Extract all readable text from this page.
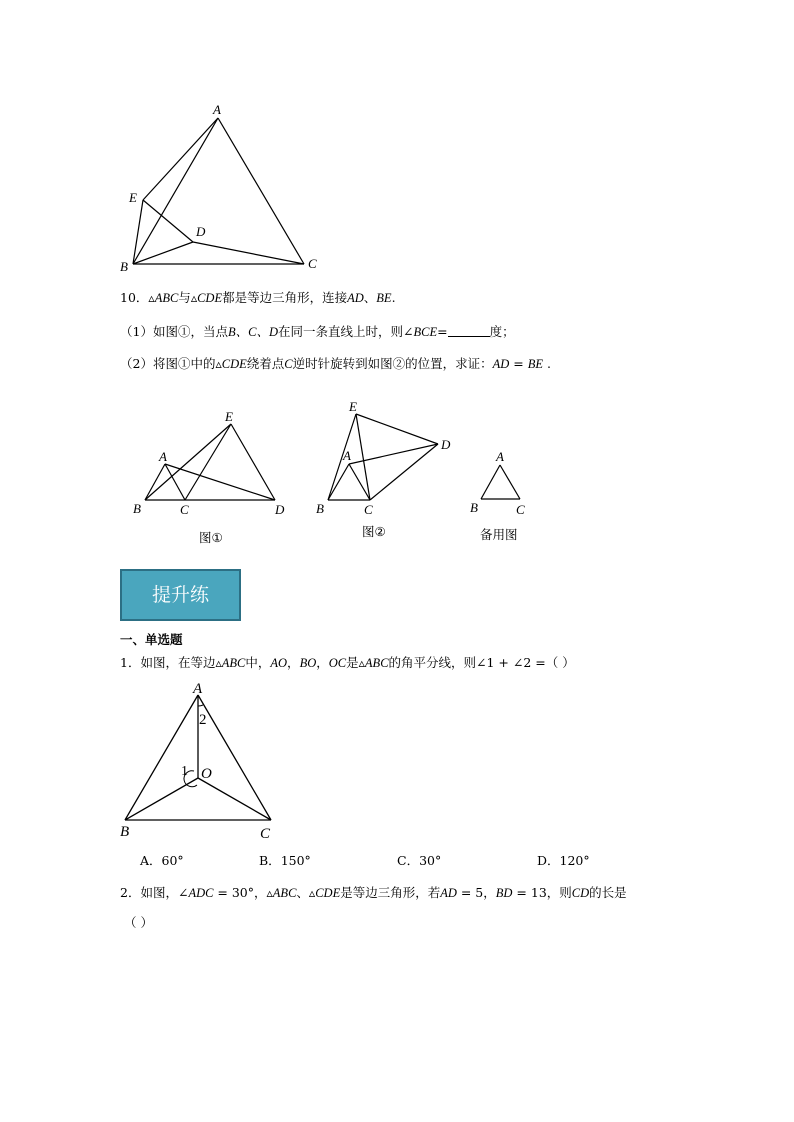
A
E
D
B	C
10．▵ABC与▵CDE都是等边三角形，连接AD、BE.
（1）如图①，当点B、C、D在同一条直线上时，则∠BCE=	度；
（2）将图①中的▵CDE绕着点C逆时针旋转到如图②的位置，求证：AD = BE .
A
E
B	C	D
E
D
A
B	C
A
B	C
图①	图②	备用图
提升练
一、单选题
1．如图，在等边▵ABC中，AO，BO，OC是▵ABC的角平分线，则∠1 + ∠2 =（ ）
A
2
1 O
B	C
A．60°	B．150°	C．30°	D．120°
2．如图，∠ADC = 30°，▵ABC、▵CDE是等边三角形，若AD = 5，BD = 13，则CD的长是
（ ）
